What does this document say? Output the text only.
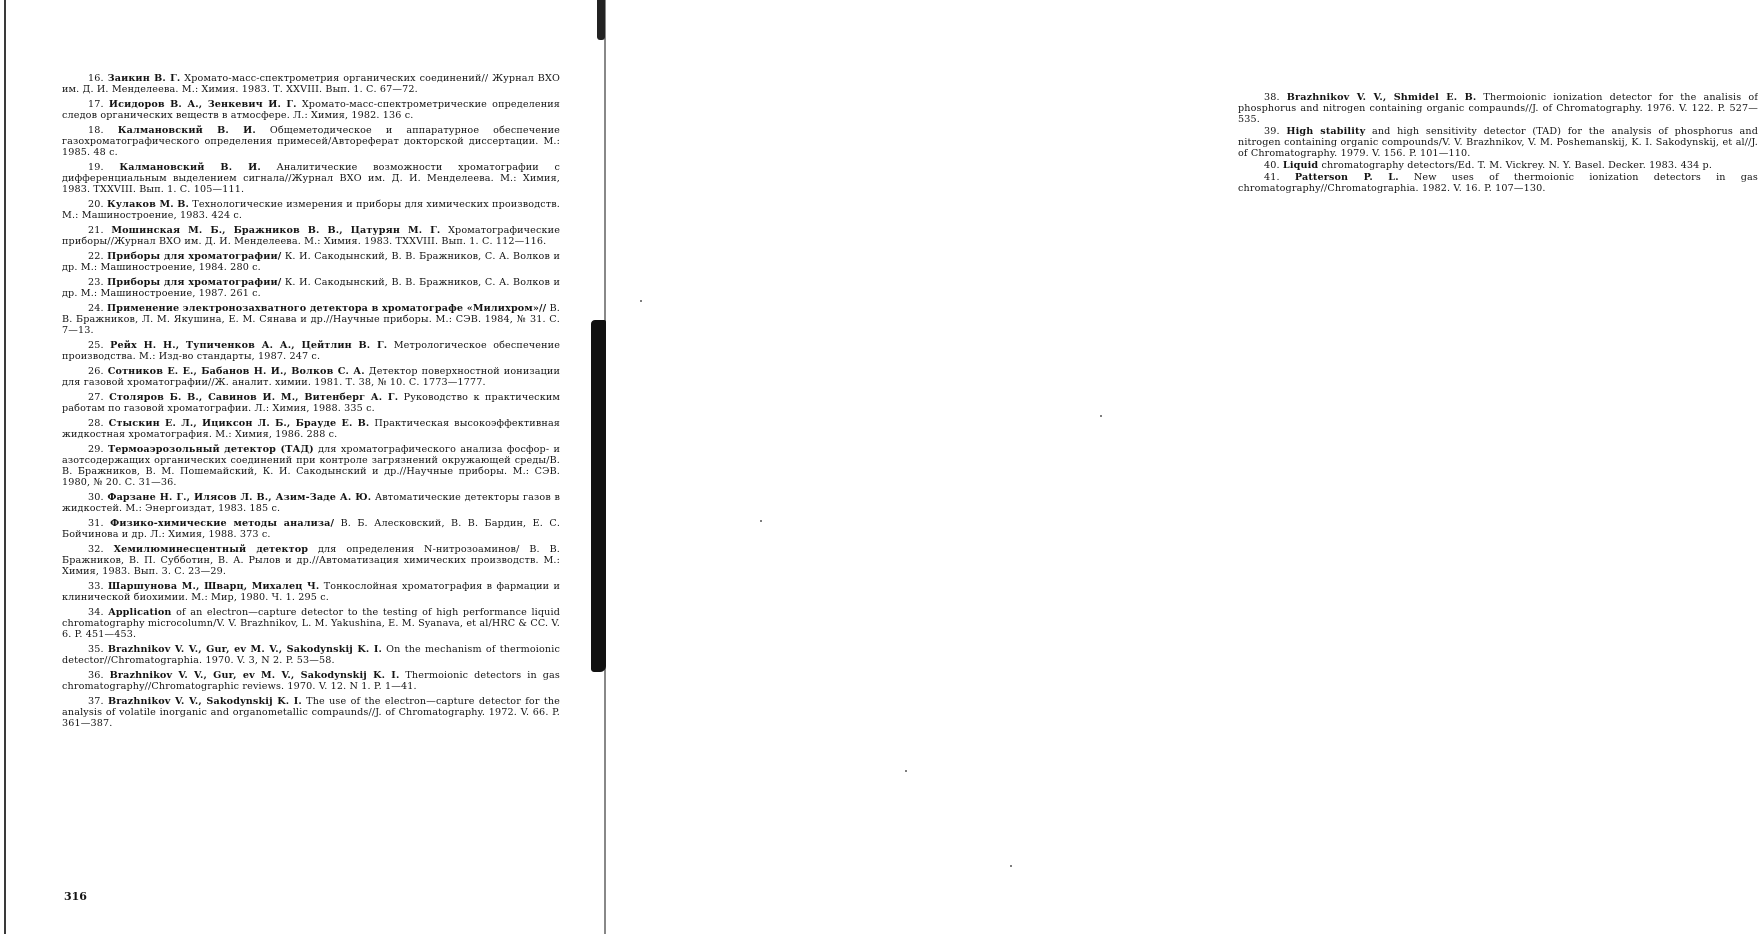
16. Заикин В. Г. Хромато-масс-спектрометрия органических соединений// Журнал ВХО им. Д. И. Менделеева. М.: Химия. 1983. Т. XXVIII. Вып. 1. С. 67—72.

17. Исидоров В. А., Зенкевич И. Г. Хромато-масс-спектрометрические определения следов органических веществ в атмосфере. Л.: Химия, 1982. 136 с.

18. Калмановский В. И. Общеметодическое и аппаратурное обеспечение газохроматографического определения примесей/Автореферат докторской диссертации. М.: 1985. 48 с.

19. Калмановский В. И. Аналитические возможности хроматографии с дифференциальным выделением сигнала//Журнал ВХО им. Д. И. Менделеева. М.: Химия, 1983. TXXVIII. Вып. 1. С. 105—111.

20. Кулаков М. В. Технологические измерения и приборы для химических производств. М.: Машиностроение, 1983. 424 с.

21. Мошинская М. Б., Бражников В. В., Цатурян М. Г. Хроматографические приборы//Журнал ВХО им. Д. И. Менделеева. М.: Химия. 1983. TXXVIII. Вып. 1. С. 112—116.

22. Приборы для хроматографии/ К. И. Сакодынский, В. В. Бражников, С. А. Волков и др. М.: Машиностроение, 1984. 280 с.

23. Приборы для хроматографии/ К. И. Сакодынский, В. В. Бражников, С. А. Волков и др. М.: Машиностроение, 1987. 261 с.

24. Применение электронозахватного детектора в хроматографе «Милихром»// В. В. Бражников, Л. М. Якушина, Е. М. Сянава и др.//Научные приборы. М.: СЭВ. 1984, № 31. С. 7—13.

25. Рейх Н. Н., Тупиченков А. А., Цейтлин В. Г. Метрологическое обеспечение производства. М.: Изд-во стандарты, 1987. 247 с.

26. Сотников Е. Е., Бабанов Н. И., Волков С. А. Детектор поверхностной ионизации для газовой хроматографии//Ж. аналит. химии. 1981. Т. 38, № 10. С. 1773—1777.

27. Столяров Б. В., Савинов И. М., Витенберг А. Г. Руководство к практическим работам по газовой хроматографии. Л.: Химия, 1988. 335 с.

28. Стыскин Е. Л., Ициксон Л. Б., Брауде Е. В. Практическая высокоэффективная жидкостная хроматография. М.: Химия, 1986. 288 с.

29. Термоаэрозольный детектор (ТАД) для хроматографического анализа фосфор- и азотсодержащих органических соединений при контроле загрязнений окружающей среды/В. В. Бражников, В. М. Пошемайский, К. И. Сакодынский и др.//Научные приборы. М.: СЭВ. 1980, № 20. С. 31—36.

30. Фарзане Н. Г., Илясов Л. В., Азим-Заде А. Ю. Автоматические детекторы газов в жидкостей. М.: Энергоиздат, 1983. 185 с.

31. Физико-химические методы анализа/ В. Б. Алесковский, В. В. Бардин, Е. С. Бойчинова и др. Л.: Химия, 1988. 373 с.

32. Хемилюминесцентный детектор для определения N-нитрозоаминов/ В. В. Бражников, В. П. Субботин, В. А. Рылов и др.//Автоматизация химических производств. М.: Химия, 1983. Вып. 3. С. 23—29.

33. Шаршунова М., Шварц, Михалец Ч. Тонкослойная хроматография в фармации и клинической биохимии. М.: Мир, 1980. Ч. 1. 295 с.

34. Application of an electron—capture detector to the testing of high performance liquid chromatography microcolumn/V. V. Brazhnikov, L. M. Yakushina, E. M. Syanava, et al/HRC & CC. V. 6. P. 451—453.

35. Brazhnikov V. V., Gur, ev M. V., Sakodynskij K. I. On the mechanism of thermoionic detector//Chromatographia. 1970. V. 3, N 2. P. 53—58.

36. Brazhnikov V. V., Gur, ev M. V., Sakodynskij K. I. Thermoionic detectors in gas chromatography//Chromatographic reviews. 1970. V. 12. N 1. P. 1—41.

37. Brazhnikov V. V., Sakodynskij K. I. The use of the electron—capture detector for the analysis of volatile inorganic and organometallic compaunds//J. of Chromatography. 1972. V. 66. P. 361—387.

316

38. Brazhnikov V. V., Shmidel E. B. Thermoionic ionization detector for the analisis of phosphorus and nitrogen containing organic compaunds//J. of Chromatography. 1976. V. 122. P. 527—535.

39. High stability and high sensitivity detector (TAD) for the analysis of phosphorus and nitrogen containing organic compounds/V. V. Brazhnikov, V. M. Poshemanskij, K. I. Sakodynskij, et al//J. of Chromatography. 1979. V. 156. P. 101—110.

40. Liquid chromatography detectors/Ed. T. M. Vickrey. N. Y. Basel. Decker. 1983. 434 p.

41. Patterson P. L. New uses of thermoionic ionization detectors in gas chromatography//Chromatographia. 1982. V. 16. P. 107—130.
